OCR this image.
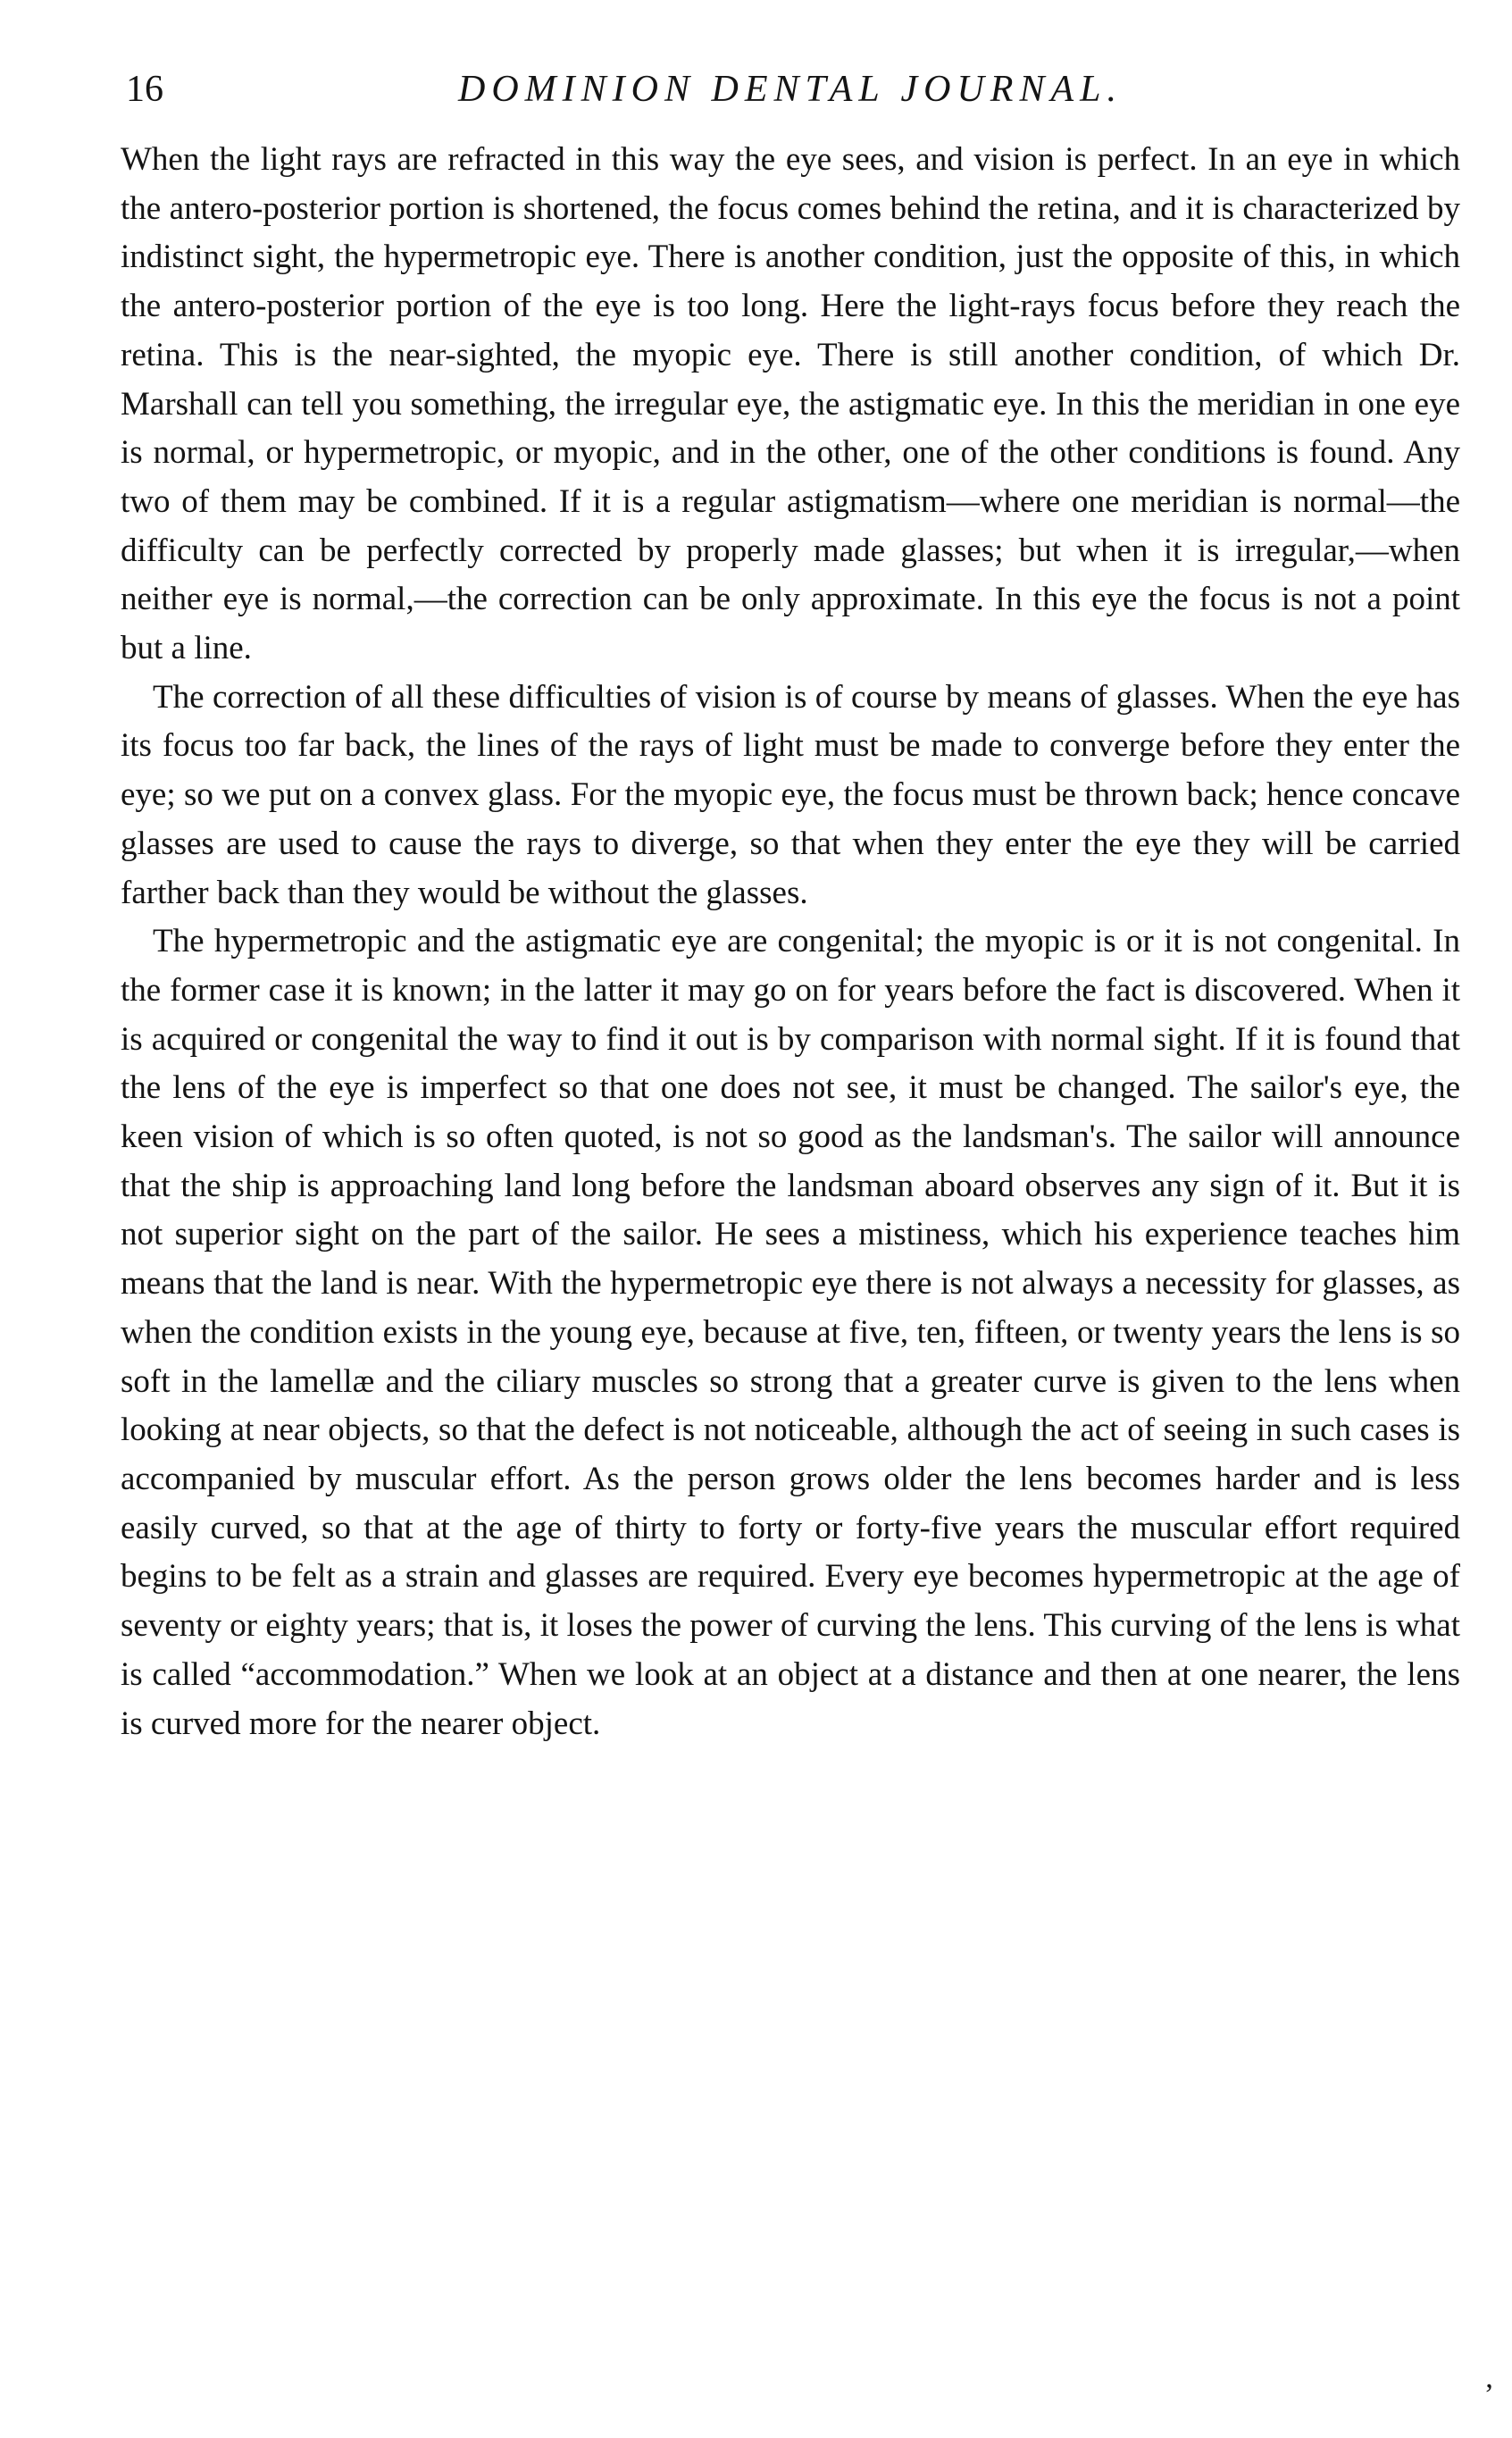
16	DOMINION DENTAL JOURNAL.

When the light rays are refracted in this way the eye sees, and vision is perfect. In an eye in which the antero-posterior portion is shortened, the focus comes behind the retina, and it is characterized by indistinct sight, the hypermetropic eye. There is another condition, just the opposite of this, in which the antero-posterior portion of the eye is too long. Here the light-rays focus before they reach the retina. This is the near-sighted, the myopic eye. There is still another condition, of which Dr. Marshall can tell you something, the irregular eye, the astigmatic eye. In this the meridian in one eye is normal, or hypermetropic, or myopic, and in the other, one of the other conditions is found. Any two of them may be combined. If it is a regular astigmatism—where one meridian is normal—the difficulty can be perfectly corrected by properly made glasses; but when it is irregular,—when neither eye is normal,—the correction can be only approximate. In this eye the focus is not a point but a line.

The correction of all these difficulties of vision is of course by means of glasses. When the eye has its focus too far back, the lines of the rays of light must be made to converge before they enter the eye; so we put on a convex glass. For the myopic eye, the focus must be thrown back; hence concave glasses are used to cause the rays to diverge, so that when they enter the eye they will be carried farther back than they would be without the glasses.

The hypermetropic and the astigmatic eye are congenital; the myopic is or it is not congenital. In the former case it is known; in the latter it may go on for years before the fact is discovered. When it is acquired or congenital the way to find it out is by comparison with normal sight. If it is found that the lens of the eye is imperfect so that one does not see, it must be changed. The sailor's eye, the keen vision of which is so often quoted, is not so good as the landsman's. The sailor will announce that the ship is approaching land long before the landsman aboard observes any sign of it. But it is not superior sight on the part of the sailor. He sees a mistiness, which his experience teaches him means that the land is near. With the hypermetropic eye there is not always a necessity for glasses, as when the condition exists in the young eye, because at five, ten, fifteen, or twenty years the lens is so soft in the lamellæ and the ciliary muscles so strong that a greater curve is given to the lens when looking at near objects, so that the defect is not noticeable, although the act of seeing in such cases is accompanied by muscular effort. As the person grows older the lens becomes harder and is less easily curved, so that at the age of thirty to forty or forty-five years the muscular effort required begins to be felt as a strain and glasses are required. Every eye becomes hypermetropic at the age of seventy or eighty years; that is, it loses the power of curving the lens. This curving of the lens is what is called “accommodation.” When we look at an object at a distance and then at one nearer, the lens is curved more for the nearer object.

’
